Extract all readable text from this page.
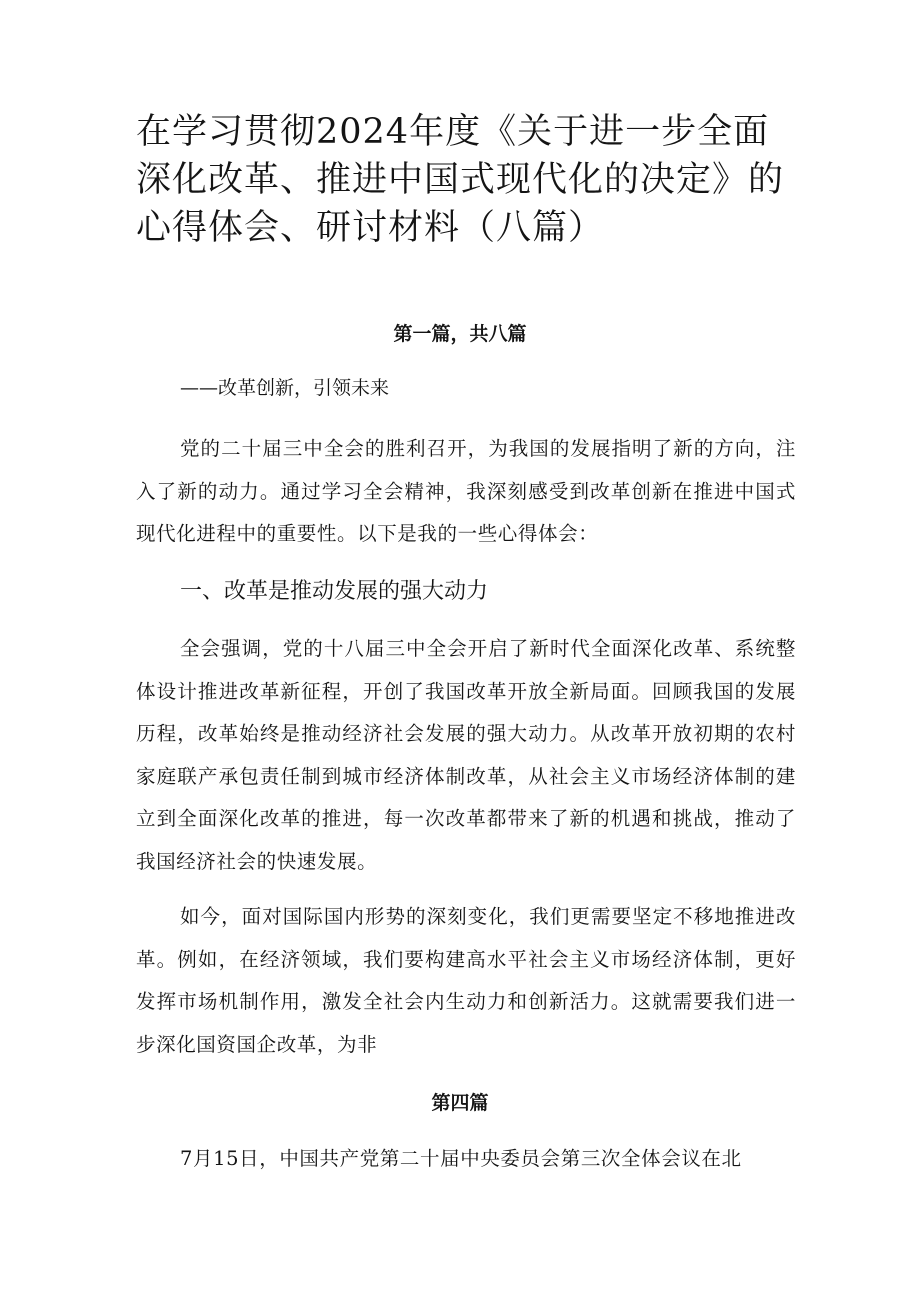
在学习贯彻2024年度《关于进一步全面深化改革、推进中国式现代化的决定》的心得体会、研讨材料（八篇）
第一篇，共八篇

——改革创新，引领未来

党的二十届三中全会的胜利召开，为我国的发展指明了新的方向，注入了新的动力。通过学习全会精神，我深刻感受到改革创新在推进中国式现代化进程中的重要性。以下是我的一些心得体会：

一、改革是推动发展的强大动力

全会强调，党的十八届三中全会开启了新时代全面深化改革、系统整体设计推进改革新征程，开创了我国改革开放全新局面。回顾我国的发展历程，改革始终是推动经济社会发展的强大动力。从改革开放初期的农村家庭联产承包责任制到城市经济体制改革，从社会主义市场经济体制的建立到全面深化改革的推进，每一次改革都带来了新的机遇和挑战，推动了我国经济社会的快速发展。

如今，面对国际国内形势的深刻变化，我们更需要坚定不移地推进改革。例如，在经济领域，我们要构建高水平社会主义市场经济体制，更好发挥市场机制作用，激发全社会内生动力和创新活力。这就需要我们进一步深化国资国企改革，为非

第四篇

7月15日，中国共产党第二十届中央委员会第三次全体会议在北
